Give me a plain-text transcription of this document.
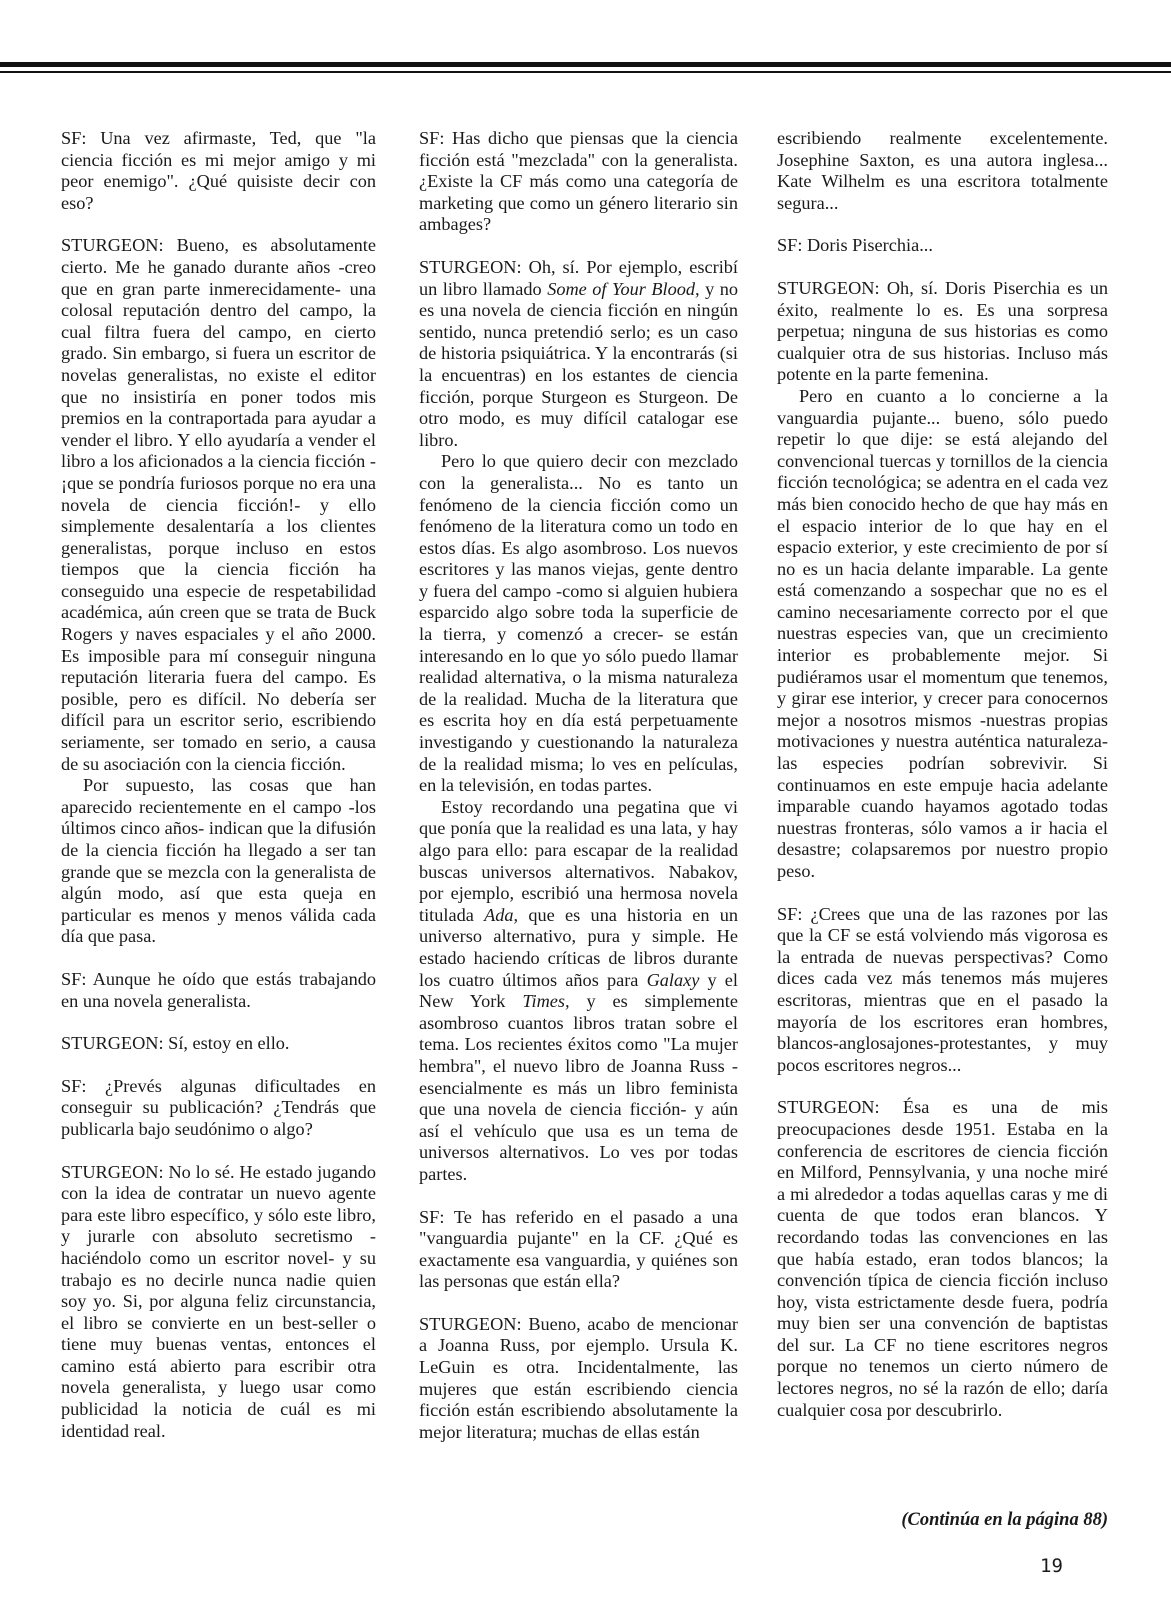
SF: Una vez afirmaste, Ted, que "la ciencia ficción es mi mejor amigo y mi peor enemigo". ¿Qué quisiste decir con eso?

STURGEON: Bueno, es absolutamente cierto. Me he ganado durante años -creo que en gran parte inmerecidamente- una colosal reputación dentro del campo, la cual filtra fuera del campo, en cierto grado. Sin embargo, si fuera un escritor de novelas generalistas, no existe el editor que no insistiría en poner todos mis premios en la contraportada para ayudar a vender el libro. Y ello ayudaría a vender el libro a los aficionados a la ciencia ficción -¡que se pondría furiosos porque no era una novela de ciencia ficción!- y ello simplemente desalentaría a los clientes generalistas, porque incluso en estos tiempos que la ciencia ficción ha conseguido una especie de respetabilidad académica, aún creen que se trata de Buck Rogers y naves espaciales y el año 2000. Es imposible para mí conseguir ninguna reputación literaria fuera del campo. Es posible, pero es difícil. No debería ser difícil para un escritor serio, escribiendo seriamente, ser tomado en serio, a causa de su asociación con la ciencia ficción.

Por supuesto, las cosas que han aparecido recientemente en el campo -los últimos cinco años- indican que la difusión de la ciencia ficción ha llegado a ser tan grande que se mezcla con la generalista de algún modo, así que esta queja en particular es menos y menos válida cada día que pasa.

SF: Aunque he oído que estás trabajando en una novela generalista.

STURGEON: Sí, estoy en ello.

SF: ¿Prevés algunas dificultades en conseguir su publicación? ¿Tendrás que publicarla bajo seudónimo o algo?

STURGEON: No lo sé. He estado jugando con la idea de contratar un nuevo agente para este libro específico, y sólo este libro, y jurarle con absoluto secretismo -haciéndolo como un escritor novel- y su trabajo es no decirle nunca nadie quien soy yo. Si, por alguna feliz circunstancia, el libro se convierte en un best-seller o tiene muy buenas ventas, entonces el camino está abierto para escribir otra novela generalista, y luego usar como publicidad la noticia de cuál es mi identidad real.

SF: Has dicho que piensas que la ciencia ficción está "mezclada" con la generalista. ¿Existe la CF más como una categoría de marketing que como un género literario sin ambages?

STURGEON: Oh, sí. Por ejemplo, escribí un libro llamado Some of Your Blood, y no es una novela de ciencia ficción en ningún sentido, nunca pretendió serlo; es un caso de historia psiquiátrica. Y la encontrarás (si la encuentras) en los estantes de ciencia ficción, porque Sturgeon es Sturgeon. De otro modo, es muy difícil catalogar ese libro.

Pero lo que quiero decir con mezclado con la generalista... No es tanto un fenómeno de la ciencia ficción como un fenómeno de la literatura como un todo en estos días. Es algo asombroso. Los nuevos escritores y las manos viejas, gente dentro y fuera del campo -como si alguien hubiera esparcido algo sobre toda la superficie de la tierra, y comenzó a crecer- se están interesando en lo que yo sólo puedo llamar realidad alternativa, o la misma naturaleza de la realidad. Mucha de la literatura que es escrita hoy en día está perpetuamente investigando y cuestionando la naturaleza de la realidad misma; lo ves en películas, en la televisión, en todas partes.

Estoy recordando una pegatina que vi que ponía que la realidad es una lata, y hay algo para ello: para escapar de la realidad buscas universos alternativos. Nabakov, por ejemplo, escribió una hermosa novela titulada Ada, que es una historia en un universo alternativo, pura y simple. He estado haciendo críticas de libros durante los cuatro últimos años para Galaxy y el New York Times, y es simplemente asombroso cuantos libros tratan sobre el tema. Los recientes éxitos como "La mujer hembra", el nuevo libro de Joanna Russ -esencialmente es más un libro feminista que una novela de ciencia ficción- y aún así el vehículo que usa es un tema de universos alternativos. Lo ves por todas partes.

SF: Te has referido en el pasado a una "vanguardia pujante" en la CF. ¿Qué es exactamente esa vanguardia, y quiénes son las personas que están ella?

STURGEON: Bueno, acabo de mencionar a Joanna Russ, por ejemplo. Ursula K. LeGuin es otra. Incidentalmente, las mujeres que están escribiendo ciencia ficción están escribiendo absolutamente la mejor literatura; muchas de ellas están

escribiendo realmente excelentemente. Josephine Saxton, es una autora inglesa... Kate Wilhelm es una escritora totalmente segura...

SF: Doris Piserchia...

STURGEON: Oh, sí. Doris Piserchia es un éxito, realmente lo es. Es una sorpresa perpetua; ninguna de sus historias es como cualquier otra de sus historias. Incluso más potente en la parte femenina.

Pero en cuanto a lo concierne a la vanguardia pujante... bueno, sólo puedo repetir lo que dije: se está alejando del convencional tuercas y tornillos de la ciencia ficción tecnológica; se adentra en el cada vez más bien conocido hecho de que hay más en el espacio interior de lo que hay en el espacio exterior, y este crecimiento de por sí no es un hacia delante imparable. La gente está comenzando a sospechar que no es el camino necesariamente correcto por el que nuestras especies van, que un crecimiento interior es probablemente mejor. Si pudiéramos usar el momentum que tenemos, y girar ese interior, y crecer para conocernos mejor a nosotros mismos -nuestras propias motivaciones y nuestra auténtica naturaleza- las especies podrían sobrevivir. Si continuamos en este empuje hacia adelante imparable cuando hayamos agotado todas nuestras fronteras, sólo vamos a ir hacia el desastre; colapsaremos por nuestro propio peso.

SF: ¿Crees que una de las razones por las que la CF se está volviendo más vigorosa es la entrada de nuevas perspectivas? Como dices cada vez más tenemos más mujeres escritoras, mientras que en el pasado la mayoría de los escritores eran hombres, blancos-anglosajones-protestantes, y muy pocos escritores negros...

STURGEON: Ésa es una de mis preocupaciones desde 1951. Estaba en la conferencia de escritores de ciencia ficción en Milford, Pennsylvania, y una noche miré a mi alrededor a todas aquellas caras y me di cuenta de que todos eran blancos. Y recordando todas las convenciones en las que había estado, eran todos blancos; la convención típica de ciencia ficción incluso hoy, vista estrictamente desde fuera, podría muy bien ser una convención de baptistas del sur. La CF no tiene escritores negros porque no tenemos un cierto número de lectores negros, no sé la razón de ello; daría cualquier cosa por descubrirlo.

(Continúa en la página 88)
19
